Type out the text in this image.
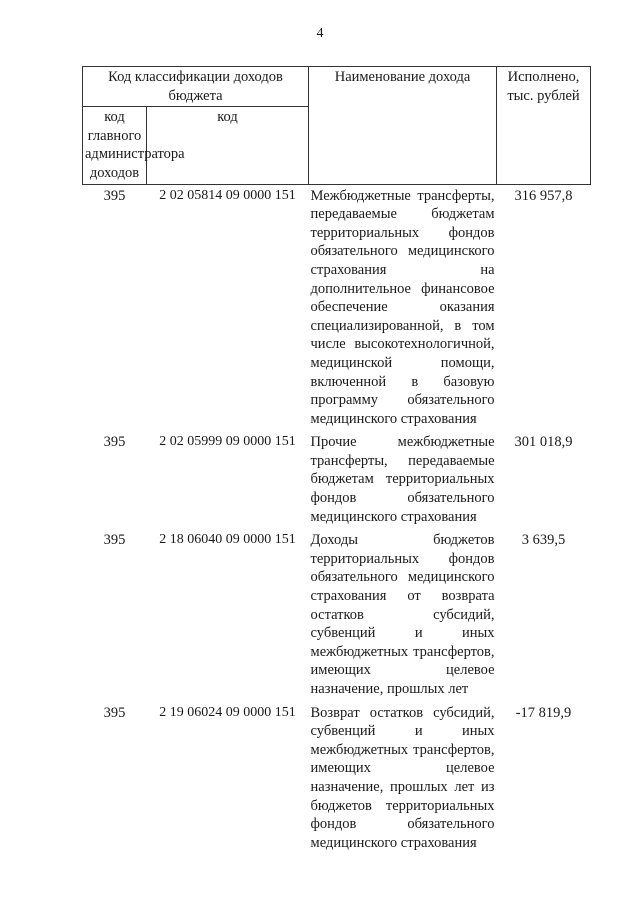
4
Код классификации доходов бюджета		Наименование дохода	Исполнено, тыс. рублей
код главного администратора доходов	код		
395	2 02 05814 09 0000 151	Межбюджетные трансферты, передаваемые бюджетам территориальных фондов обязательного медицинского страхования на дополнительное финансовое обеспечение оказания специализированной, в том числе высокотехнологичной, медицинской помощи, включенной в базовую программу обязательного медицинского страхования	316 957,8
395	2 02 05999 09 0000 151	Прочие межбюджетные трансферты, передаваемые бюджетам территориальных фондов обязательного медицинского страхования	301 018,9
395	2 18 06040 09 0000 151	Доходы бюджетов территориальных фондов обязательного медицинского страхования от возврата остатков субсидий, субвенций и иных межбюджетных трансфертов, имеющих целевое назначение, прошлых лет	3 639,5
395	2 19 06024 09 0000 151	Возврат остатков субсидий, субвенций и иных межбюджетных трансфертов, имеющих целевое назначение, прошлых лет из бюджетов территориальных фондов обязательного медицинского страхования	-17 819,9
